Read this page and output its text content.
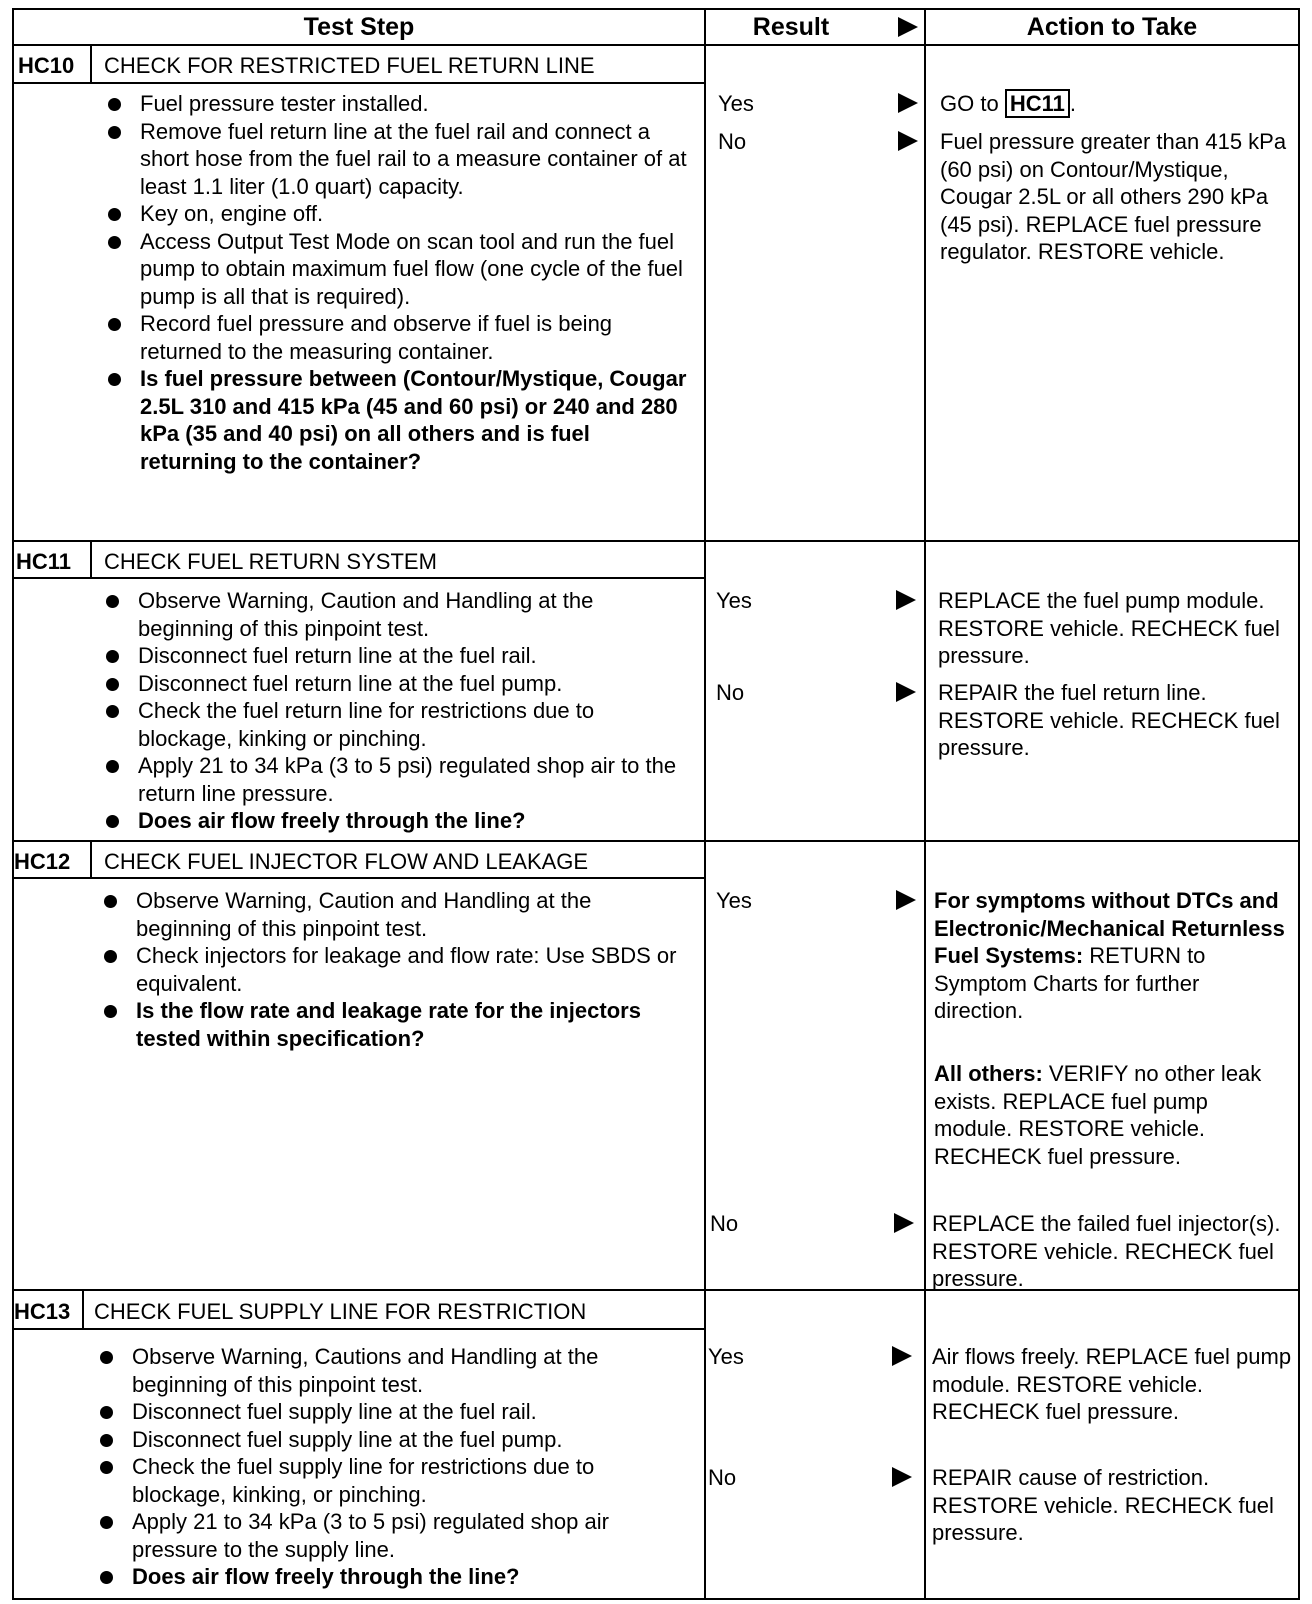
Test Step	Result	Action to Take
HC10 CHECK FOR RESTRICTED FUEL RETURN LINE
Fuel pressure tester installed.
Remove fuel return line at the fuel rail and connect a short hose from the fuel rail to a measure container of at least 1.1 liter (1.0 quart) capacity.
Key on, engine off.
Access Output Test Mode on scan tool and run the fuel pump to obtain maximum fuel flow (one cycle of the fuel pump is all that is required).
Record fuel pressure and observe if fuel is being returned to the measuring container.
Is fuel pressure between (Contour/Mystique, Cougar 2.5L 310 and 415 kPa (45 and 60 psi) or 240 and 280 kPa (35 and 40 psi) on all others and is fuel returning to the container?
Yes	GO to HC11 .
No	Fuel pressure greater than 415 kPa (60 psi) on Contour/Mystique, Cougar 2.5L or all others 290 kPa (45 psi). REPLACE fuel pressure regulator. RESTORE vehicle.
HC11 CHECK FUEL RETURN SYSTEM
Observe Warning, Caution and Handling at the beginning of this pinpoint test.
Disconnect fuel return line at the fuel rail.
Disconnect fuel return line at the fuel pump.
Check the fuel return line for restrictions due to blockage, kinking or pinching.
Apply 21 to 34 kPa (3 to 5 psi) regulated shop air to the return line pressure.
Does air flow freely through the line?
Yes	REPLACE the fuel pump module. RESTORE vehicle. RECHECK fuel pressure.
No	REPAIR the fuel return line. RESTORE vehicle. RECHECK fuel pressure.
HC12 CHECK FUEL INJECTOR FLOW AND LEAKAGE
Observe Warning, Caution and Handling at the beginning of this pinpoint test.
Check injectors for leakage and flow rate: Use SBDS or equivalent.
Is the flow rate and leakage rate for the injectors tested within specification?
Yes	For symptoms without DTCs and Electronic/Mechanical Returnless Fuel Systems: RETURN to Symptom Charts for further direction.
All others: VERIFY no other leak exists. REPLACE fuel pump module. RESTORE vehicle. RECHECK fuel pressure.
No	REPLACE the failed fuel injector(s). RESTORE vehicle. RECHECK fuel pressure.
HC13 CHECK FUEL SUPPLY LINE FOR RESTRICTION
Observe Warning, Cautions and Handling at the beginning of this pinpoint test.
Disconnect fuel supply line at the fuel rail.
Disconnect fuel supply line at the fuel pump.
Check the fuel supply line for restrictions due to blockage, kinking, or pinching.
Apply 21 to 34 kPa (3 to 5 psi) regulated shop air pressure to the supply line.
Does air flow freely through the line?
Yes	Air flows freely. REPLACE fuel pump module. RESTORE vehicle. RECHECK fuel pressure.
No	REPAIR cause of restriction. RESTORE vehicle. RECHECK fuel pressure.
